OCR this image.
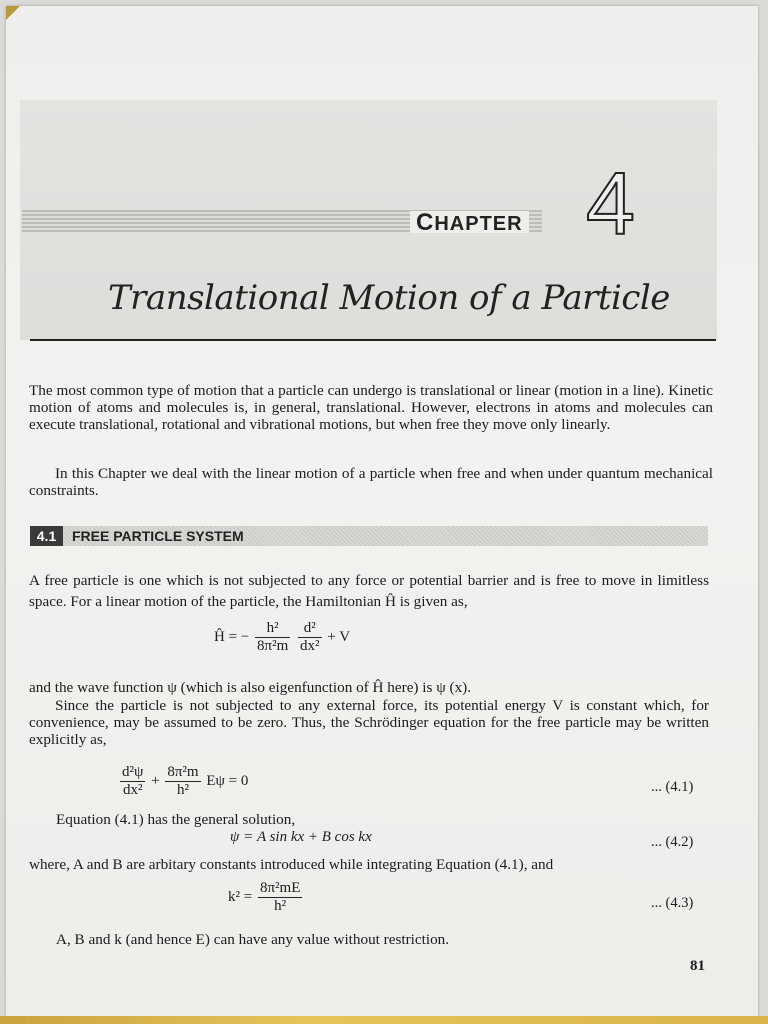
CHAPTER 4
Translational Motion of a Particle
The most common type of motion that a particle can undergo is translational or linear (motion in a line). Kinetic motion of atoms and molecules is, in general, translational. However, electrons in atoms and molecules can execute translational, rotational and vibrational motions, but when free they move only linearly.
In this Chapter we deal with the linear motion of a particle when free and when under quantum mechanical constraints.
4.1	FREE PARTICLE SYSTEM
A free particle is one which is not subjected to any force or potential barrier and is free to move in limitless space. For a linear motion of the particle, the Hamiltonian Ĥ is given as,
Ĥ = − $\frac{\text{h²}}{\text{8π²m}}$
$\frac{\text{d²}}{\text{dx²}} + V$
and the wave function ψ (which is also eigenfunction of Ĥ here) is ψ (x).
Since the particle is not subjected to any external force, its potential energy V is constant which, for convenience, may be assumed to be zero. Thus, the Schrödinger equation for the free particle may be written explicitly as,
$\frac{\text{d²ψ}}{\text{dx²}} + \frac{\text{8π²m}}{\text{h²}}$ Eψ = 0	... (4.1)
Equation (4.1) has the general solution,
ψ = A sin kx + B cos kx	... (4.2)
where, A and B are arbitary constants introduced while integrating Equation (4.1), and
$k^2 = \frac{\text{8π²mE}}{\text{h²}}$	... (4.3)
A, B and k (and hence E) can have any value without restriction.
81
